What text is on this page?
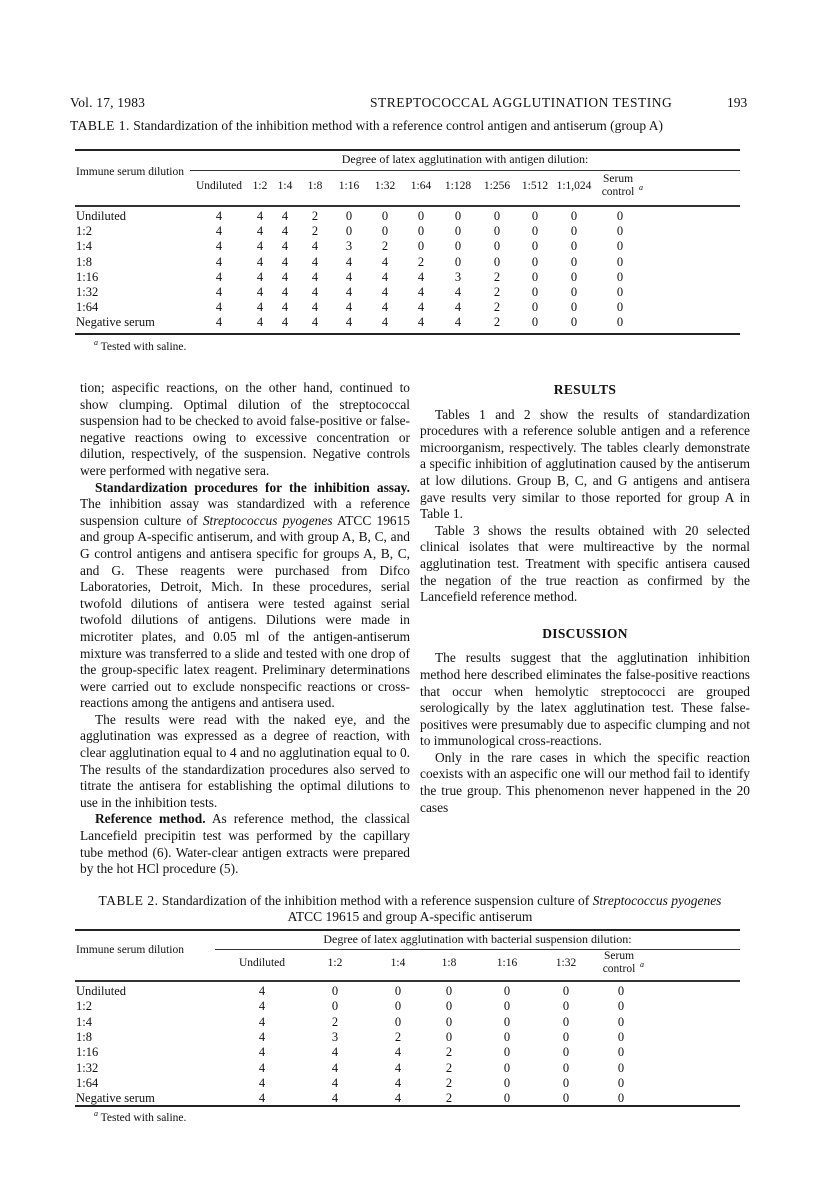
Vol. 17, 1983	STREPTOCOCCAL AGGLUTINATION TESTING	193
TABLE 1. Standardization of the inhibition method with a reference control antigen and antiserum (group A)
Immune serum dilution
Degree of latex agglutination with antigen dilution:
Undiluted 1:2 1:4	1:8	1:16	1:32	1:64	1:128	1:256	1:512 1:1,024
Serum control $^a$
Undiluted	4	4	4	2	0	0	0	0	0	0	0	0
1:2	4	4	4	2	0	0	0	0	0	0	0	0
1:4	4	4	4	4	3	2	0	0	0	0	0	0
1:8	4	4	4	4	4	4	2	0	0	0	0	0
1:16	4	4	4	4	4	4	4	3	2	0	0	0
1:32	4	4	4	4	4	4	4	4	2	0	0	0
1:64	4	4	4	4	4	4	4	4	2	0	0	0
Negative serum	4	4	4	4	4	4	4	4	2	0	0	0
$^a$ Tested with saline.

tion; aspecific reactions, on the other hand, continued to show clumping. Optimal dilution of the streptococcal suspension had to be checked to avoid false-positive or false-negative reactions owing to excessive concentration or dilution, respectively, of the suspension. Negative controls were performed with negative sera.

Standardization procedures for the inhibition assay. The inhibition assay was standardized with a reference suspension culture of Streptococcus pyogenes ATCC 19615 and group A-specific antiserum, and with group A, B, C, and G control antigens and antisera specific for groups A, B, C, and G. These reagents were purchased from Difco Laboratories, Detroit, Mich. In these procedures, serial twofold dilutions of antisera were tested against serial twofold dilutions of antigens. Dilutions were made in microtiter plates, and 0.05 ml of the antigen-antiserum mixture was transferred to a slide and tested with one drop of the group-specific latex reagent. Preliminary determinations were carried out to exclude nonspecific reactions or cross-reactions among the antigens and antisera used.

The results were read with the naked eye, and the agglutination was expressed as a degree of reaction, with clear agglutination equal to 4 and no agglutination equal to 0. The results of the standardization procedures also served to titrate the antisera for establishing the optimal dilutions to use in the inhibition tests.

Reference method. As reference method, the classical Lancefield precipitin test was performed by the capillary tube method (6). Water-clear antigen extracts were prepared by the hot HCl procedure (5).

RESULTS

Tables 1 and 2 show the results of standardization procedures with a reference soluble antigen and a reference microorganism, respectively. The tables clearly demonstrate a specific inhibition of agglutination caused by the antiserum at low dilutions. Group B, C, and G antigens and antisera gave results very similar to those reported for group A in Table 1.

Table 3 shows the results obtained with 20 selected clinical isolates that were multireactive by the normal agglutination test. Treatment with specific antisera caused the negation of the true reaction as confirmed by the Lancefield reference method.

DISCUSSION

The results suggest that the agglutination inhibition method here described eliminates the false-positive reactions that occur when hemolytic streptococci are grouped serologically by the latex agglutination test. These false-positives were presumably due to aspecific clumping and not to immunological cross-reactions.

Only in the rare cases in which the specific reaction coexists with an aspecific one will our method fail to identify the true group. This phenomenon never happened in the 20 cases

TABLE 2. Standardization of the inhibition method with a reference suspension culture of Streptococcus pyogenes ATCC 19615 and group A-specific antiserum
Immune serum dilution
Degree of latex agglutination with bacterial suspension dilution:
Undiluted	1:2	1:4	1:8	1:16	1:32
Serum control $^a$
Undiluted	4	0	0	0	0	0	0
1:2	4	0	0	0	0	0	0
1:4	4	2	0	0	0	0	0
1:8	4	3	2	0	0	0	0
1:16	4	4	4	2	0	0	0
1:32	4	4	4	2	0	0	0
1:64	4	4	4	2	0	0	0
Negative serum	4	4	4	2	0	0	0
$^a$ Tested with saline.
